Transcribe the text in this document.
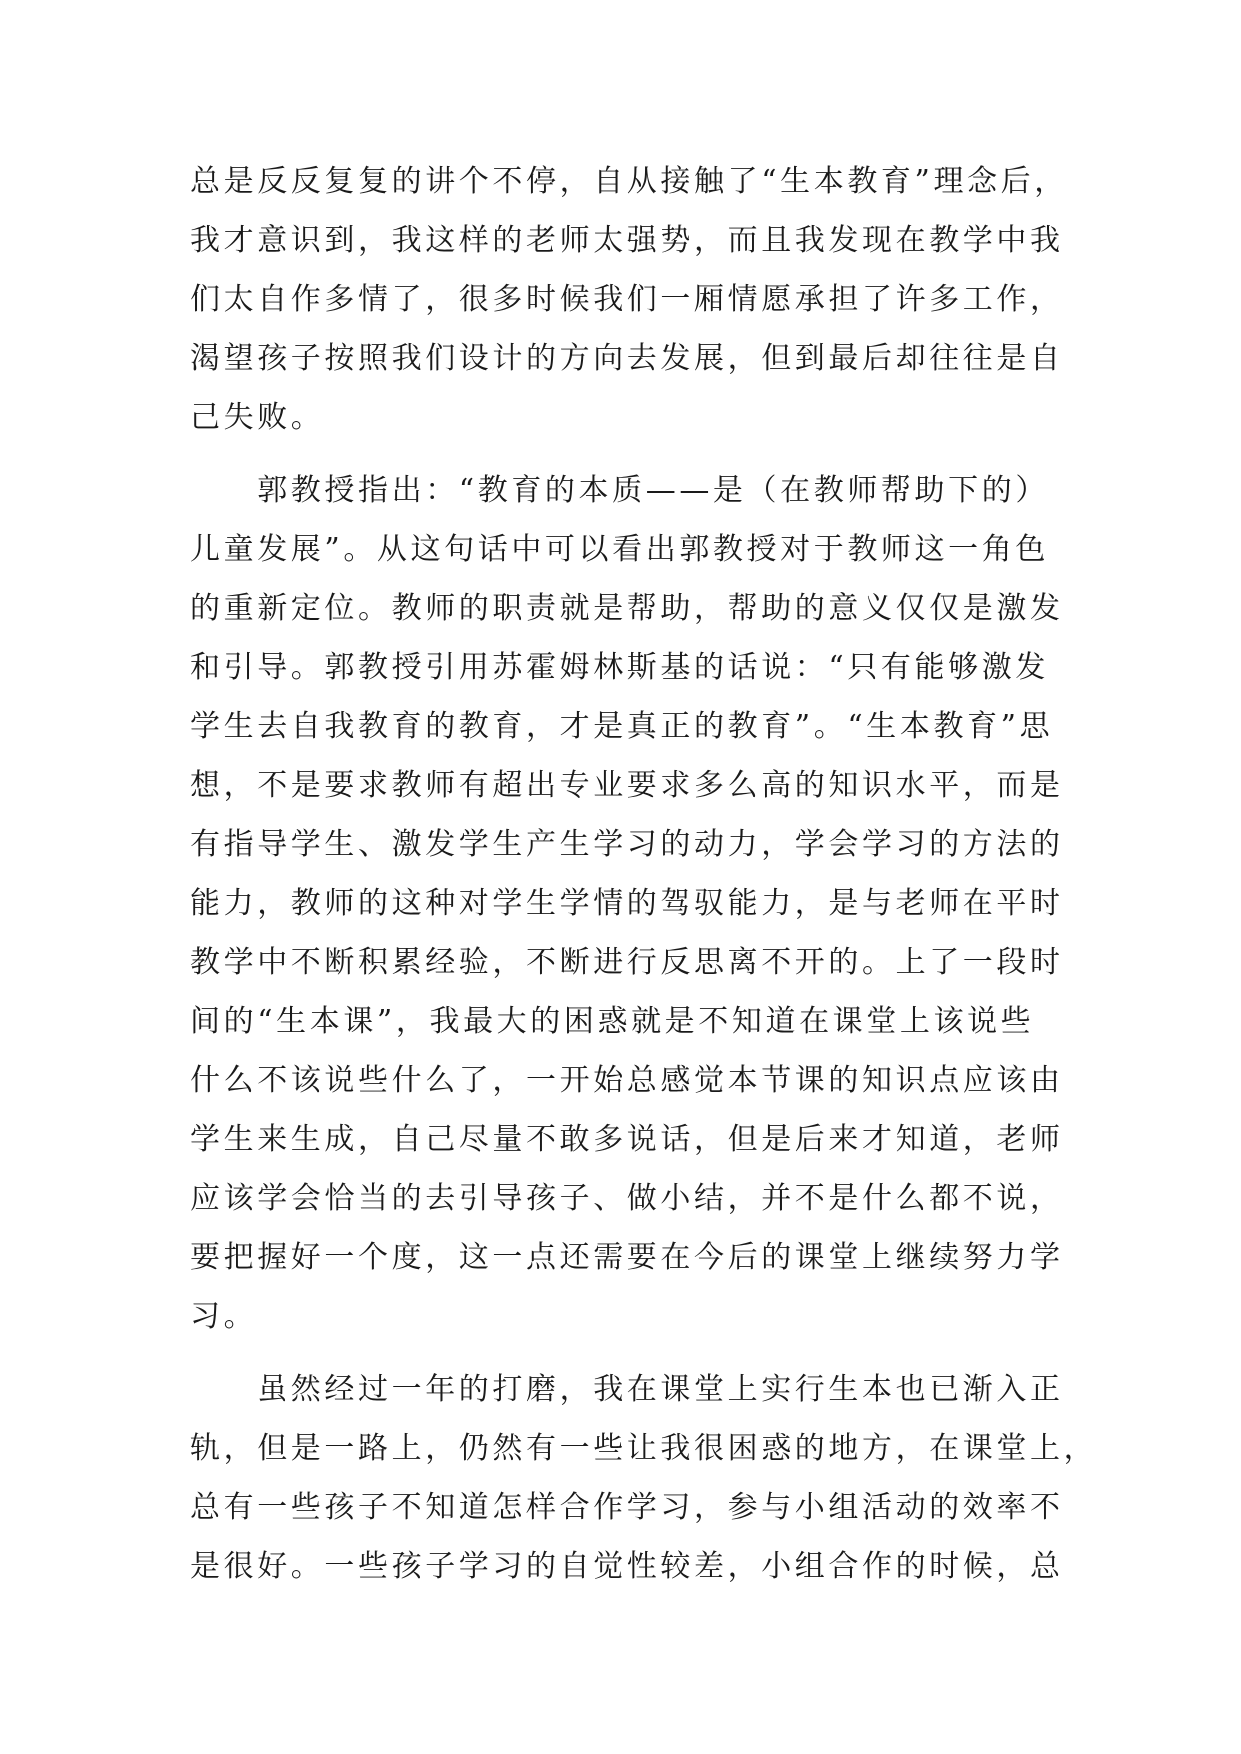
总是反反复复的讲个不停，自从接触了“生本教育”理念后，
我才意识到，我这样的老师太强势，而且我发现在教学中我
们太自作多情了，很多时候我们一厢情愿承担了许多工作，
渴望孩子按照我们设计的方向去发展，但到最后却往往是自
己失败。
　　郭教授指出：“教育的本质——是（在教师帮助下的）
儿童发展”。从这句话中可以看出郭教授对于教师这一角色
的重新定位。教师的职责就是帮助，帮助的意义仅仅是激发
和引导。郭教授引用苏霍姆林斯基的话说：“只有能够激发
学生去自我教育的教育，才是真正的教育”。“生本教育”思
想，不是要求教师有超出专业要求多么高的知识水平，而是
有指导学生、激发学生产生学习的动力，学会学习的方法的
能力，教师的这种对学生学情的驾驭能力，是与老师在平时
教学中不断积累经验，不断进行反思离不开的。上了一段时
间的“生本课”，我最大的困惑就是不知道在课堂上该说些
什么不该说些什么了，一开始总感觉本节课的知识点应该由
学生来生成，自己尽量不敢多说话，但是后来才知道，老师
应该学会恰当的去引导孩子、做小结，并不是什么都不说，
要把握好一个度，这一点还需要在今后的课堂上继续努力学
习。
　　虽然经过一年的打磨，我在课堂上实行生本也已渐入正
轨，但是一路上，仍然有一些让我很困惑的地方，在课堂上，
总有一些孩子不知道怎样合作学习，参与小组活动的效率不
是很好。一些孩子学习的自觉性较差，小组合作的时候，总
